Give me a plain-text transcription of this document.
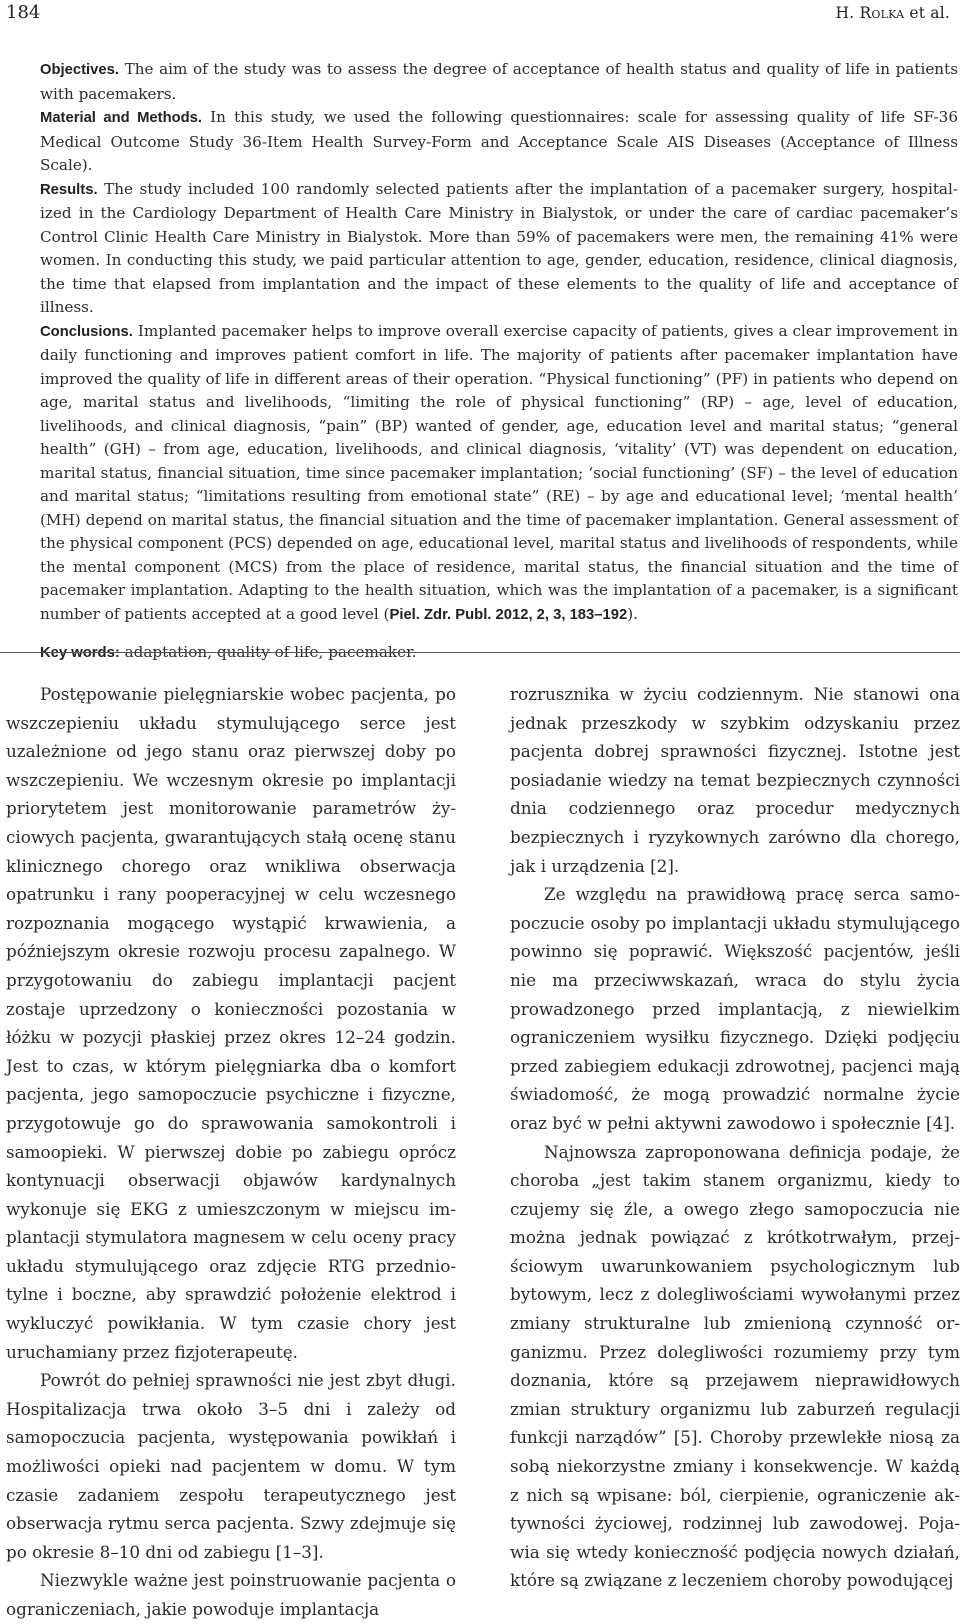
184	H. Rolka et al.

Objectives. The aim of the study was to assess the degree of acceptance of health status and quality of life in patients with pacemakers.

Material and Methods. In this study, we used the following questionnaires: scale for assessing quality of life SF-36 Medical Outcome Study 36-Item Health Survey-Form and Acceptance Scale AIS Diseases (Acceptance of Illness Scale).

Results. The study included 100 randomly selected patients after the implantation of a pacemaker surgery, hospitalized in the Cardiology Department of Health Care Ministry in Bialystok, or under the care of cardiac pacemaker’s Control Clinic Health Care Ministry in Bialystok. More than 59% of pacemakers were men, the remaining 41% were women. In conducting this study, we paid particular attention to age, gender, education, residence, clinical diagnosis, the time that elapsed from implantation and the impact of these elements to the quality of life and acceptance of illness.

Conclusions. Implanted pacemaker helps to improve overall exercise capacity of patients, gives a clear improvement in daily functioning and improves patient comfort in life. The majority of patients after pacemaker implantation have improved the quality of life in different areas of their operation. “Physical functioning” (PF) in patients who depend on age, marital status and livelihoods, “limiting the role of physical functioning” (RP) – age, level of education, livelihoods, and clinical diagnosis, “pain” (BP) wanted of gender, age, education level and marital status; “general health” (GH) – from age, education, livelihoods, and clinical diagnosis, ‘vitality’ (VT) was dependent on education, marital status, financial situation, time since pacemaker implantation; ‘social functioning’ (SF) – the level of education and marital status; “limitations resulting from emotional state” (RE) – by age and educational level; ‘mental health’ (MH) depend on marital status, the financial situation and the time of pacemaker implantation. General assessment of the physical component (PCS) depended on age, educational level, marital status and livelihoods of respondents, while the mental component (MCS) from the place of residence, marital status, the financial situation and the time of pacemaker implantation. Adapting to the health situation, which was the implantation of a pacemaker, is a significant number of patients accepted at a good level (Piel. Zdr. Publ. 2012, 2, 3, 183–192).

Key words: adaptation, quality of life, pacemaker.

Postępowanie pielęgniarskie wobec pacjenta, po wszczepieniu układu stymulującego serce jest uzależnione od jego stanu oraz pierwszej doby po wszczepieniu. We wczesnym okresie po implantacji priorytetem jest monitorowanie parametrów życiowych pacjenta, gwarantujących stałą ocenę stanu klinicznego chorego oraz wnikliwa obserwacja opatrunku i rany pooperacyjnej w celu wczesnego rozpoznania mogącego wystąpić krwawienia, a późniejszym okresie rozwoju procesu zapalnego. W przygotowaniu do zabiegu implantacji pacjent zostaje uprzedzony o konieczności pozostania w łóżku w pozycji płaskiej przez okres 12–24 godzin. Jest to czas, w którym pielęgniarka dba o komfort pacjenta, jego samopoczucie psychiczne i fizyczne, przygotowuje go do sprawowania samokontroli i samoopieki. W pierwszej dobie po zabiegu oprócz kontynuacji obserwacji objawów kardynalnych wykonuje się EKG z umieszczonym w miejscu implantacji stymulatora magnesem w celu oceny pracy układu stymulującego oraz zdjęcie RTG przednio-tylne i boczne, aby sprawdzić położenie elektrod i wykluczyć powikłania. W tym czasie chory jest uruchamiany przez fizjoterapeutę.

Powrót do pełniej sprawności nie jest zbyt długi. Hospitalizacja trwa około 3–5 dni i zależy od samopoczucia pacjenta, występowania powikłań i możliwości opieki nad pacjentem w domu. W tym czasie zadaniem zespołu terapeutycznego jest obserwacja rytmu serca pacjenta. Szwy zdejmuje się po okresie 8–10 dni od zabiegu [1–3].

Niezwykle ważne jest poinstruowanie pacjenta o ograniczeniach, jakie powoduje implantacja

rozrusznika w życiu codziennym. Nie stanowi ona jednak przeszkody w szybkim odzyskaniu przez pacjenta dobrej sprawności fizycznej. Istotne jest posiadanie wiedzy na temat bezpiecznych czynności dnia codziennego oraz procedur medycznych bezpiecznych i ryzykownych zarówno dla chorego, jak i urządzenia [2].

Ze względu na prawidłową pracę serca samopoczucie osoby po implantacji układu stymulującego powinno się poprawić. Większość pacjentów, jeśli nie ma przeciwwskazań, wraca do stylu życia prowadzonego przed implantacją, z niewielkim ograniczeniem wysiłku fizycznego. Dzięki podjęciu przed zabiegiem edukacji zdrowotnej, pacjenci mają świadomość, że mogą prowadzić normalne życie oraz być w pełni aktywni zawodowo i społecznie [4].

Najnowsza zaproponowana definicja podaje, że choroba „jest takim stanem organizmu, kiedy to czujemy się źle, a owego złego samopoczucia nie można jednak powiązać z krótkotrwałym, przejściowym uwarunkowaniem psychologicznym lub bytowym, lecz z dolegliwościami wywołanymi przez zmiany strukturalne lub zmienioną czynność organizmu. Przez dolegliwości rozumiemy przy tym doznania, które są przejawem nieprawidłowych zmian struktury organizmu lub zaburzeń regulacji funkcji narządów” [5]. Choroby przewlekłe niosą za sobą niekorzystne zmiany i konsekwencje. W każdą z nich są wpisane: ból, cierpienie, ograniczenie aktywności życiowej, rodzinnej lub zawodowej. Pojawia się wtedy konieczność podjęcia nowych działań, które są związane z leczeniem choroby powodującej
